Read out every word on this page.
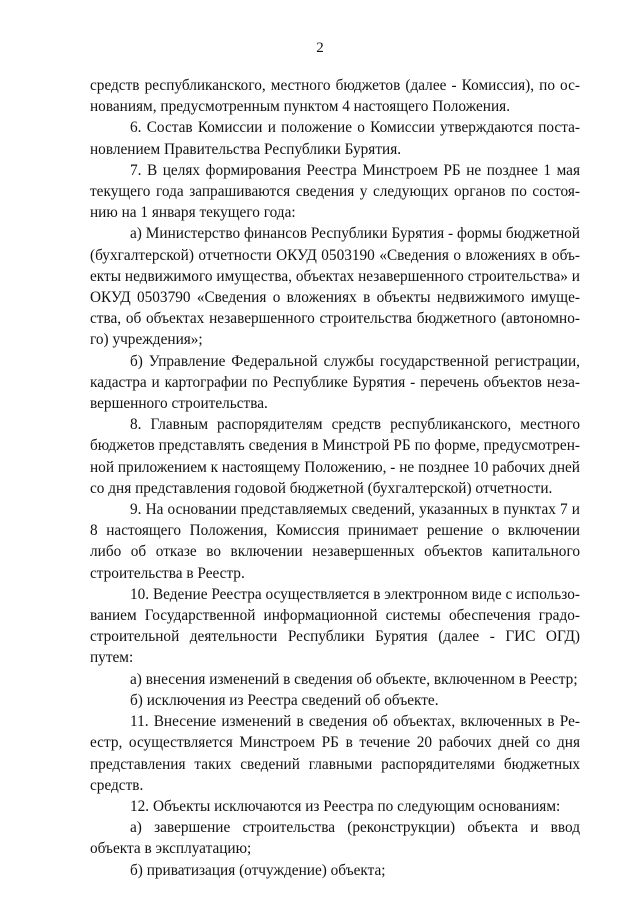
2

средств республиканского, местного бюджетов (далее - Комиссия), по основаниям, предусмотренным пунктом 4 настоящего Положения.

6. Состав Комиссии и положение о Комиссии утверждаются постановлением Правительства Республики Бурятия.

7. В целях формирования Реестра Минстроем РБ не позднее 1 мая текущего года запрашиваются сведения у следующих органов по состоянию на 1 января текущего года:

а) Министерство финансов Республики Бурятия - формы бюджетной (бухгалтерской) отчетности ОКУД 0503190 «Сведения о вложениях в объекты недвижимого имущества, объектах незавершенного строительства» и ОКУД 0503790 «Сведения о вложениях в объекты недвижимого имущества, об объектах незавершенного строительства бюджетного (автономного) учреждения»;

б) Управление Федеральной службы государственной регистрации, кадастра и картографии по Республике Бурятия - перечень объектов незавершенного строительства.

8. Главным распорядителям средств республиканского, местного бюджетов представлять сведения в Минстрой РБ по форме, предусмотренной приложением к настоящему Положению, - не позднее 10 рабочих дней со дня представления годовой бюджетной (бухгалтерской) отчетности.

9. На основании представляемых сведений, указанных в пунктах 7 и 8 настоящего Положения, Комиссия принимает решение о включении либо об отказе во включении незавершенных объектов капитального строительства в Реестр.

10. Ведение Реестра осуществляется в электронном виде с использованием Государственной информационной системы обеспечения градостроительной деятельности Республики Бурятия (далее - ГИС ОГД) путем:

а) внесения изменений в сведения об объекте, включенном в Реестр;

б) исключения из Реестра сведений об объекте.

11. Внесение изменений в сведения об объектах, включенных в Реестр, осуществляется Минстроем РБ в течение 20 рабочих дней со дня представления таких сведений главными распорядителями бюджетных средств.

12. Объекты исключаются из Реестра по следующим основаниям:

а) завершение строительства (реконструкции) объекта и ввод объекта в эксплуатацию;

б) приватизация (отчуждение) объекта;
